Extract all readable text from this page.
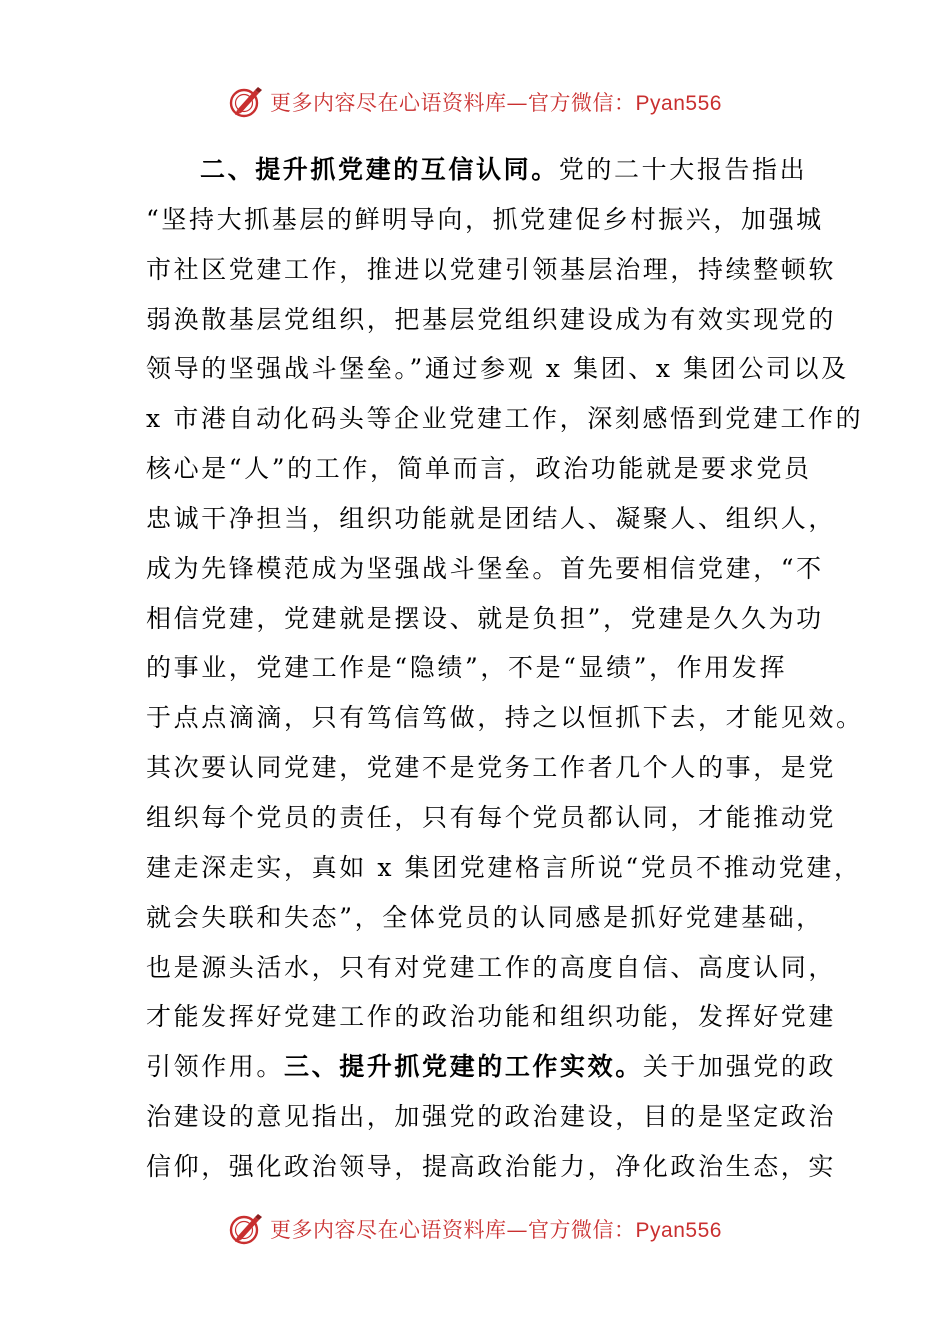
更多内容尽在心语资料库—官方微信：Pyan556
二、提升抓党建的互信认同。党的二十大报告指出
“坚持大抓基层的鲜明导向，抓党建促乡村振兴，加强城
市社区党建工作，推进以党建引领基层治理，持续整顿软
弱涣散基层党组织，把基层党组织建设成为有效实现党的
领导的坚强战斗堡垒。”通过参观 x 集团、x 集团公司以及
x 市港自动化码头等企业党建工作，深刻感悟到党建工作的
核心是“人”的工作，简单而言，政治功能就是要求党员
忠诚干净担当，组织功能就是团结人、凝聚人、组织人，
成为先锋模范成为坚强战斗堡垒。首先要相信党建，“不
相信党建，党建就是摆设、就是负担”，党建是久久为功
的事业，党建工作是“隐绩”，不是“显绩”，作用发挥
于点点滴滴，只有笃信笃做，持之以恒抓下去，才能见效。
其次要认同党建，党建不是党务工作者几个人的事，是党
组织每个党员的责任，只有每个党员都认同，才能推动党
建走深走实，真如 x 集团党建格言所说“党员不推动党建，
就会失联和失态”，全体党员的认同感是抓好党建基础，
也是源头活水，只有对党建工作的高度自信、高度认同，
才能发挥好党建工作的政治功能和组织功能，发挥好党建
引领作用。三、提升抓党建的工作实效。关于加强党的政
治建设的意见指出，加强党的政治建设，目的是坚定政治
信仰，强化政治领导，提高政治能力，净化政治生态，实
更多内容尽在心语资料库—官方微信：Pyan556
